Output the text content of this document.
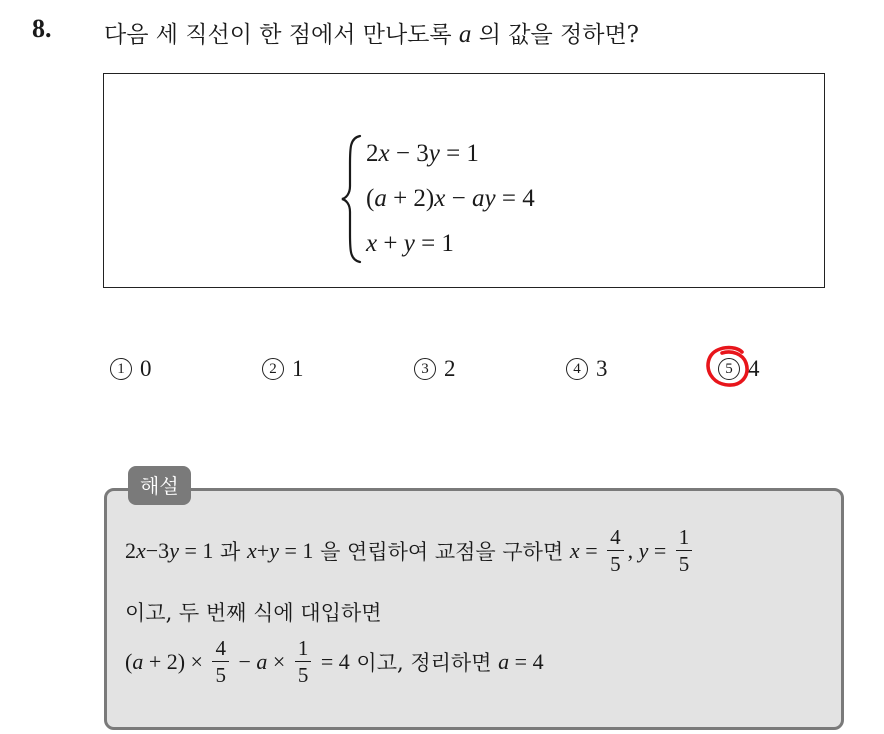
8. 다음 세 직선이 한 점에서 만나도록 a 의 값을 정하면?
2x − 3y = 1
(a + 2)x − ay = 4
x + y = 1
1 0	2 1	3 2	4 3	5 4
해설
2x−3y = 1 과 x+y = 1 을 연립하여 교점을 구하면 $x = \frac{4}{5}$ , $y = \frac{1}{5}$
이고, 두 번째 식에 대입하면
$(a + 2) \times \frac{4}{5} - a \times \frac{1}{5} = 4$ 이고, 정리하면 a = 4
